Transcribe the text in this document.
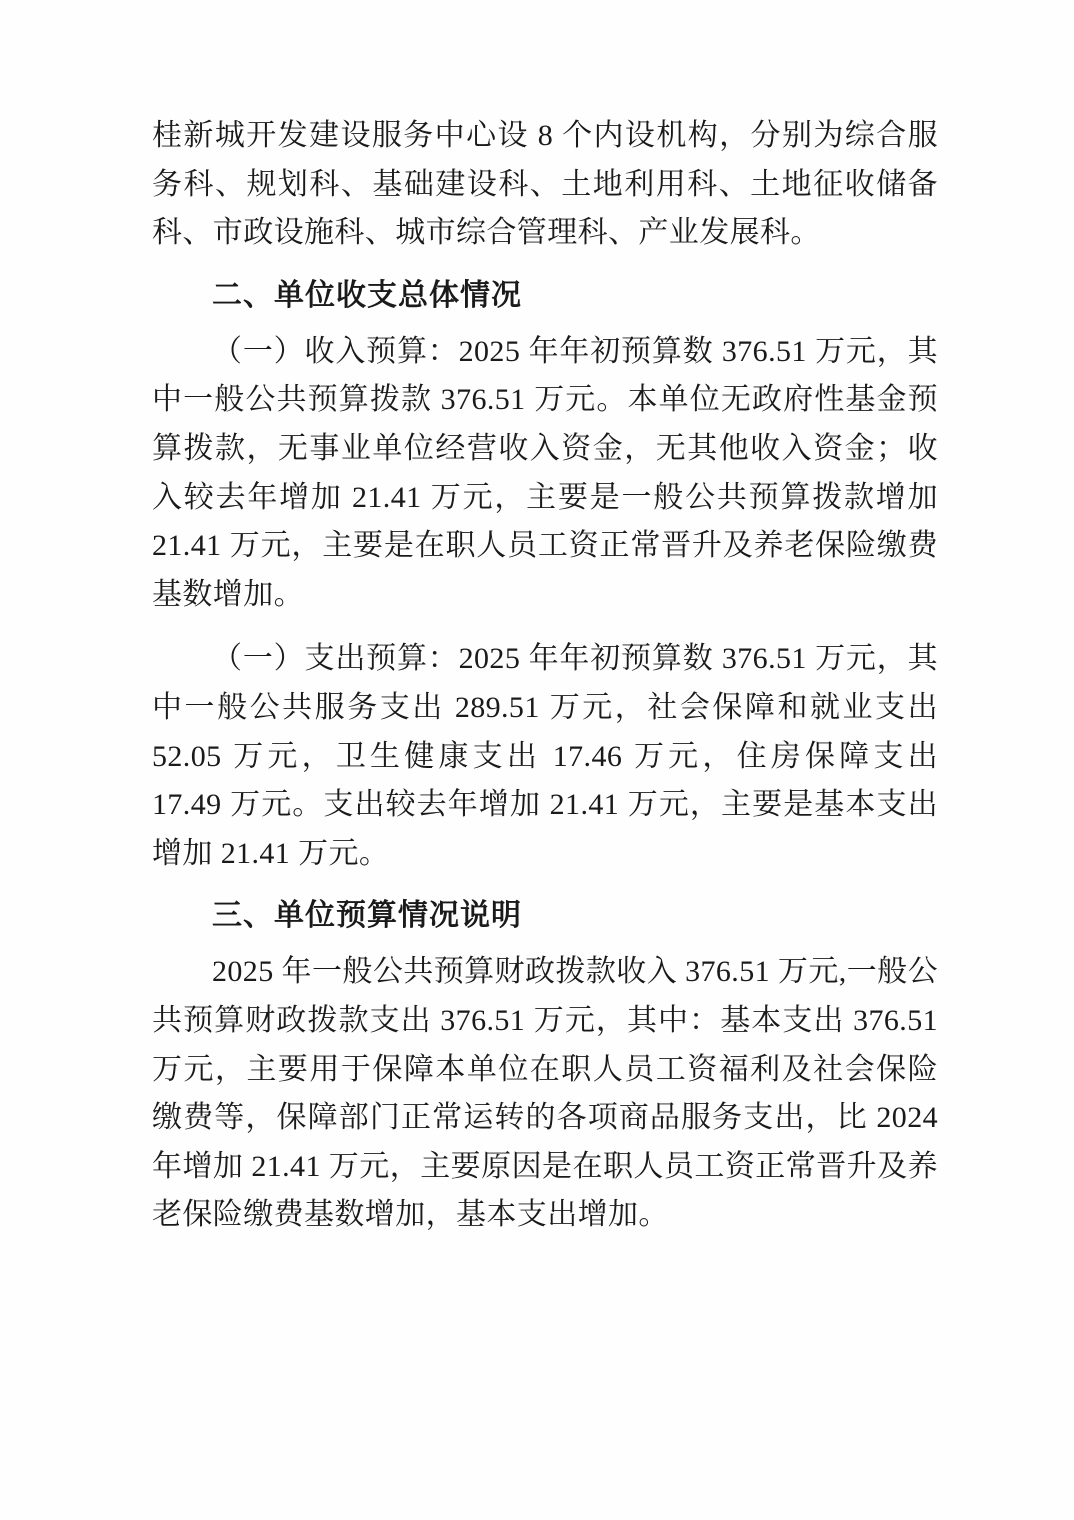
桂新城开发建设服务中心设 8 个内设机构，分别为综合服务科、规划科、基础建设科、土地利用科、土地征收储备科、市政设施科、城市综合管理科、产业发展科。

二、单位收支总体情况

（一）收入预算：2025 年年初预算数 376.51 万元，其中一般公共预算拨款 376.51 万元。本单位无政府性基金预算拨款，无事业单位经营收入资金，无其他收入资金；收入较去年增加 21.41 万元，主要是一般公共预算拨款增加 21.41 万元，主要是在职人员工资正常晋升及养老保险缴费基数增加。

（一）支出预算：2025 年年初预算数 376.51 万元，其中一般公共服务支出 289.51 万元，社会保障和就业支出 52.05 万元，卫生健康支出 17.46 万元，住房保障支出 17.49 万元。支出较去年增加 21.41 万元，主要是基本支出增加 21.41 万元。

三、单位预算情况说明

2025 年一般公共预算财政拨款收入 376.51 万元,一般公共预算财政拨款支出 376.51 万元，其中：基本支出 376.51 万元，主要用于保障本单位在职人员工资福利及社会保险缴费等，保障部门正常运转的各项商品服务支出，比 2024 年增加 21.41 万元，主要原因是在职人员工资正常晋升及养老保险缴费基数增加，基本支出增加。
